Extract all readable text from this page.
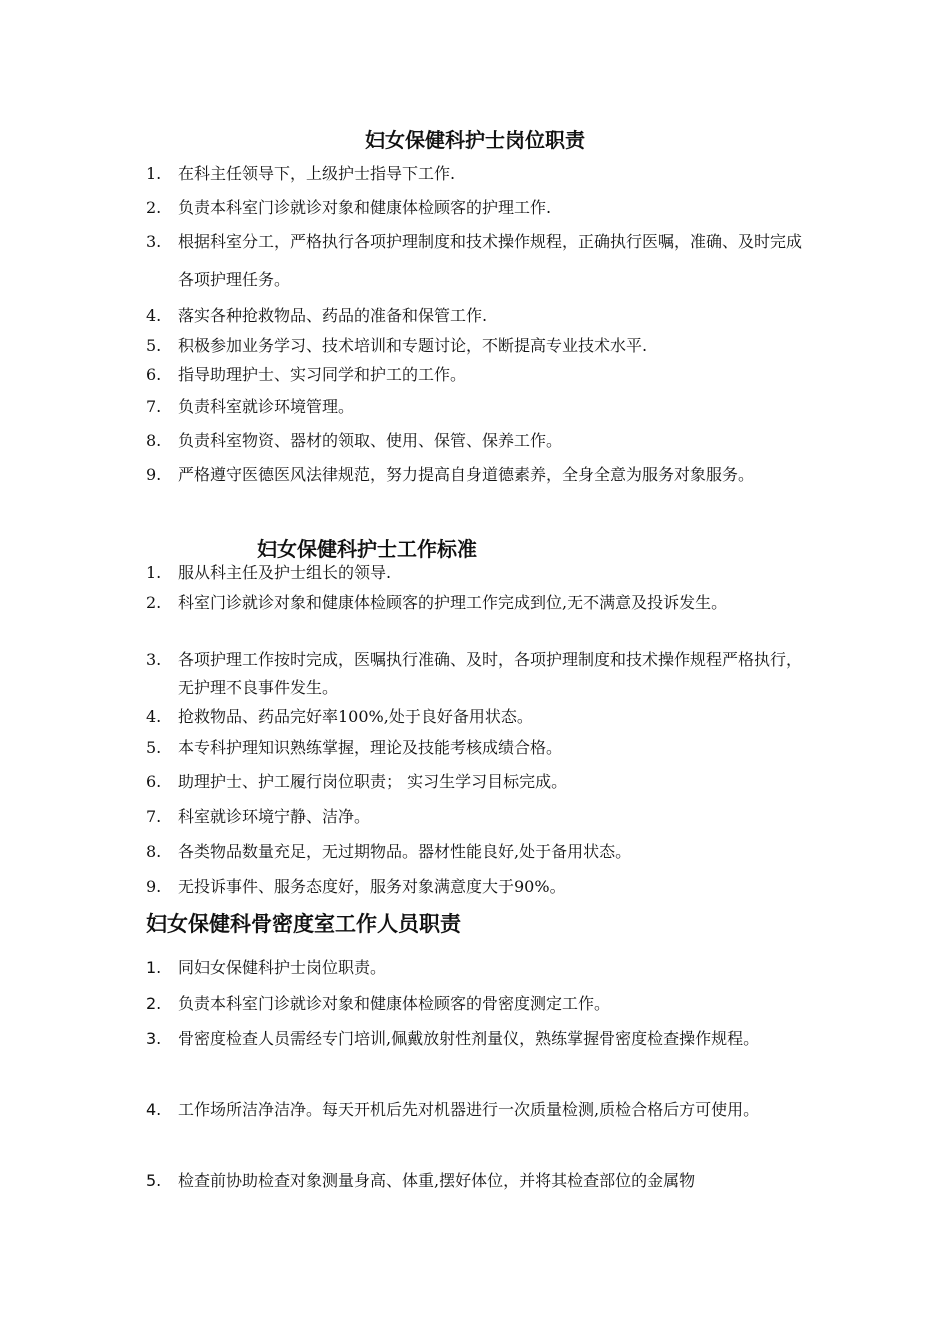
妇女保健科护士岗位职责
1.	在科主任领导下，上级护士指导下工作.
2.	负责本科室门诊就诊对象和健康体检顾客的护理工作.
3.	根据科室分工，严格执行各项护理制度和技术操作规程，正确执行医嘱，准确、及时完成各项护理任务。
4.	落实各种抢救物品、药品的准备和保管工作.
5.	积极参加业务学习、技术培训和专题讨论，不断提高专业技术水平.
6.	指导助理护士、实习同学和护工的工作。
7.	负责科室就诊环境管理。
8.	负责科室物资、器材的领取、使用、保管、保养工作。
9.	严格遵守医德医风法律规范，努力提高自身道德素养，全身全意为服务对象服务。
妇女保健科护士工作标准
1.	服从科主任及护士组长的领导.
2.	科室门诊就诊对象和健康体检顾客的护理工作完成到位,无不满意及投诉发生。
3.	各项护理工作按时完成，医嘱执行准确、及时，各项护理制度和技术操作规程严格执行，无护理不良事件发生。
4.	抢救物品、药品完好率100%,处于良好备用状态。
5.	本专科护理知识熟练掌握，理论及技能考核成绩合格。
6.	助理护士、护工履行岗位职责； 实习生学习目标完成。
7.	科室就诊环境宁静、洁净。
8.	各类物品数量充足，无过期物品。器材性能良好,处于备用状态。
9.	无投诉事件、服务态度好，服务对象满意度大于90%。
妇女保健科骨密度室工作人员职责
1.	同妇女保健科护士岗位职责。
2.	负责本科室门诊就诊对象和健康体检顾客的骨密度测定工作。
3.	骨密度检查人员需经专门培训,佩戴放射性剂量仪，熟练掌握骨密度检查操作规程。
4.	工作场所洁净洁净。每天开机后先对机器进行一次质量检测,质检合格后方可使用。
5.	检查前协助检查对象测量身高、体重,摆好体位，并将其检查部位的金属物
